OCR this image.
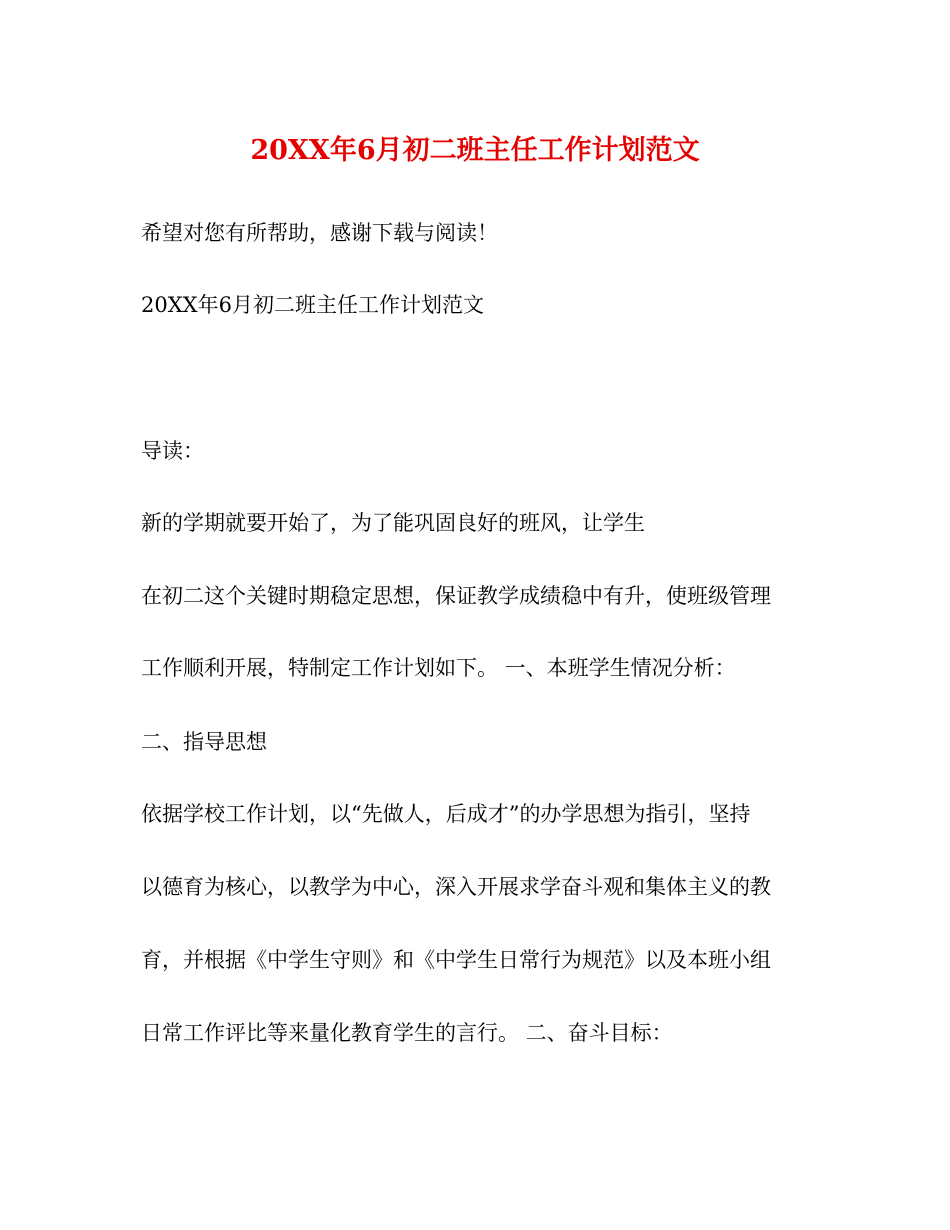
20XX年6月初二班主任工作计划范文

希望对您有所帮助，感谢下载与阅读！

20XX年6月初二班主任工作计划范文

导读：

新的学期就要开始了，为了能巩固良好的班风，让学生

在初二这个关键时期稳定思想，保证教学成绩稳中有升，使班级管理

工作顺利开展，特制定工作计划如下。 一、本班学生情况分析：

二、指导思想

依据学校工作计划，以“先做人，后成才”的办学思想为指引，坚持

以德育为核心，以教学为中心，深入开展求学奋斗观和集体主义的教

育，并根据《中学生守则》和《中学生日常行为规范》以及本班小组

日常工作评比等来量化教育学生的言行。 二、奋斗目标：
